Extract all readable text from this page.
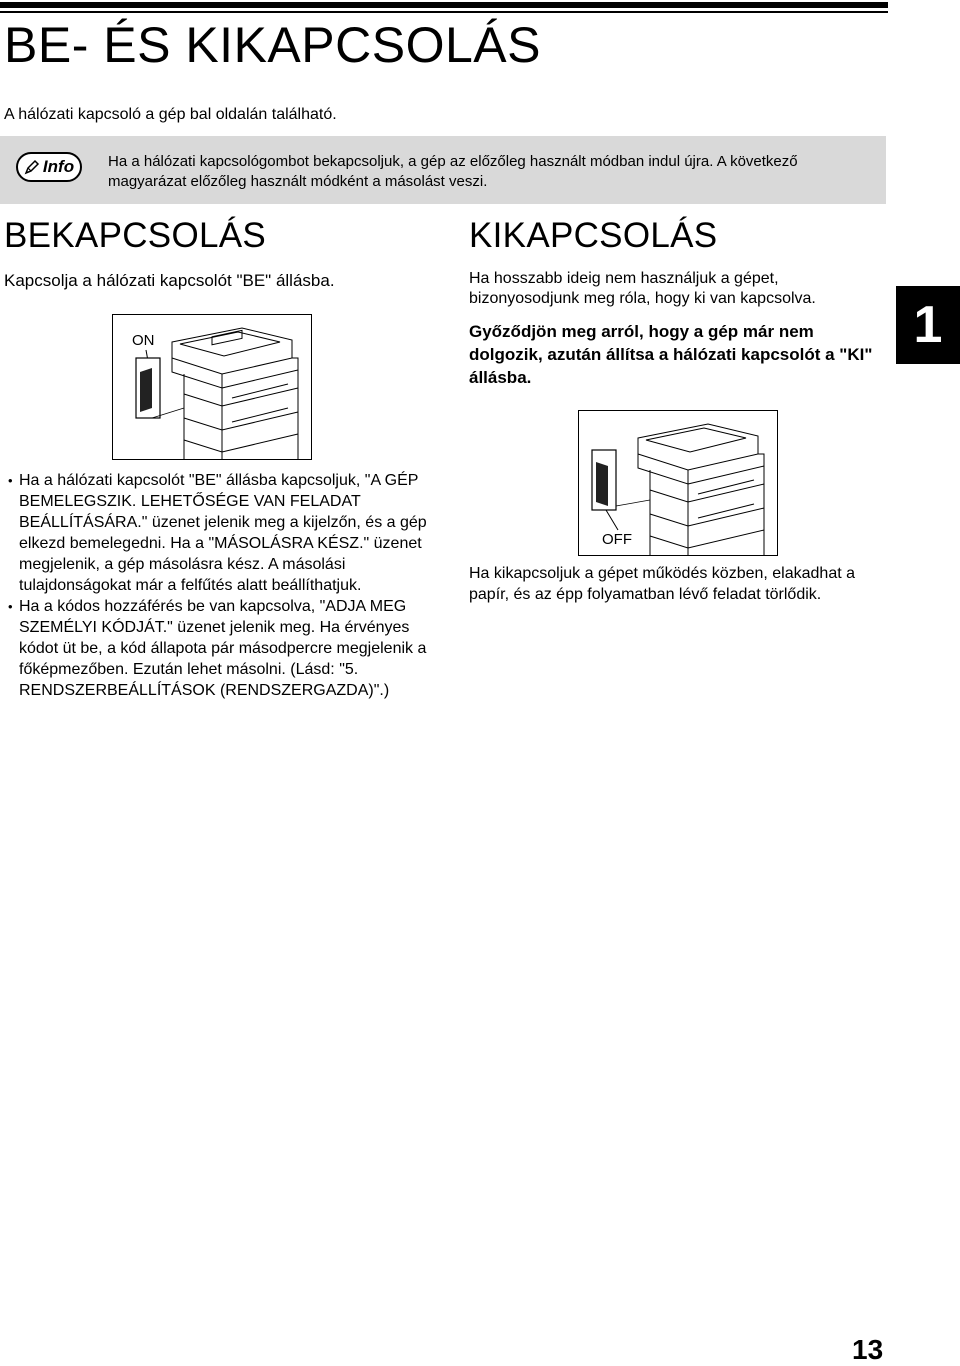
BE- ÉS KIKAPCSOLÁS

A hálózati kapcsoló a gép bal oldalán található.

Info Ha a hálózati kapcsológombot bekapcsoljuk, a gép az előzőleg használt módban indul újra. A következő magyarázat előzőleg használt módként a másolást veszi.

BEKAPCSOLÁS

Kapcsolja a hálózati kapcsolót "BE" állásba.

KIKAPCSOLÁS

Ha hosszabb ideig nem használjuk a gépet, bizonyosodjunk meg róla, hogy ki van kapcsolva.

Győződjön meg arról, hogy a gép már nem dolgozik, azután állítsa a hálózati kapcsolót a "KI" állásba.

1
ON
OFF
• Ha a hálózati kapcsolót "BE" állásba kapcsoljuk, "A GÉP BEMELEGSZIK. LEHETŐSÉGE VAN FELADAT BEÁLLÍTÁSÁRA." üzenet jelenik meg a kijelzőn, és a gép elkezd bemelegedni. Ha a "MÁSOLÁSRA KÉSZ." üzenet megjelenik, a gép másolásra kész. A másolási tulajdonságokat már a felfűtés alatt beállíthatjuk.
• Ha a kódos hozzáférés be van kapcsolva, "ADJA MEG SZEMÉLYI KÓDJÁT." üzenet jelenik meg. Ha érvényes kódot üt be, a kód állapota pár másodpercre megjelenik a főképmezőben. Ezután lehet másolni. (Lásd: "5. RENDSZERBEÁLLÍTÁSOK (RENDSZERGAZDA)".)

Ha kikapcsoljuk a gépet működés közben, elakadhat a papír, és az épp folyamatban lévő feladat törlődik.

13
